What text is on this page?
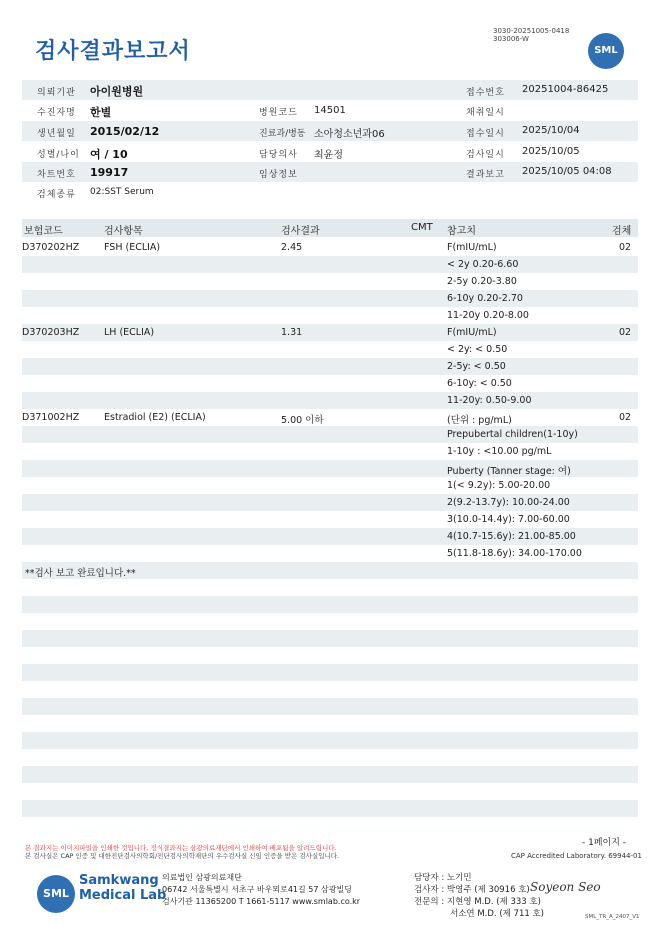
검사결과보고서
3030-20251005-0418
303006-W
SML
의뢰기관 아이원병원	접수번호 20251004-86425
수진자명 한별	병원코드 14501	채취일시
생년월일 2015/02/12	진료과/병동 소아청소년과06	접수일시 2025/10/04
성별/나이 여 / 10	담당의사 최윤정	검사일시 2025/10/05
차트번호 19917	임상정보	결과보고 2025/10/05 04:08
검체종류 02:SST Serum
보험코드	검사항목	검사결과	CMT 참고치	검체
D370202HZ	FSH (ECLIA)	2.45	F(mIU/mL)	02
< 2y 0.20-6.60
2-5y 0.20-3.80
6-10y 0.20-2.70
11-20y 0.20-8.00
D370203HZ	LH (ECLIA)	1.31	F(mIU/mL)	02
< 2y: < 0.50
2-5y: < 0.50
6-10y: < 0.50
11-20y: 0.50-9.00
D371002HZ	Estradiol (E2) (ECLIA)	5.00 이하	(단위 : pg/mL)	02
Prepubertal children(1-10y)
1-10y : <10.00 pg/mL
Puberty (Tanner stage: 여)
1(< 9.2y): 5.00-20.00
2(9.2-13.7y): 10.00-24.00
3(10.0-14.4y): 7.00-60.00
4(10.7-15.6y): 21.00-85.00
5(11.8-18.6y): 34.00-170.00
**검사 보고 완료입니다.**
본 결과지는 이미지파일을 인쇄한 것입니다. 정식결과지는 삼광의료재단에서 인쇄하여 배포됨을 알려드립니다.
본 검사실은 CAP 인증 및 대한진단검사의학회/진단검사의학재단의 우수검사실 신임 인증을 받은 검사실입니다.
- 1페이지 -
CAP Accredited Laboratory. 69944-01
SML
Samkwang
Medical Lab
의료법인 삼광의료재단
06742 서울특별시 서초구 바우뫼로41길 57 삼광빌딩
검사기관 11365200 T 1661-5117 www.smlab.co.kr
담당자 : 노기민
검사자 : 박영주 (제 30916 호)
전문의 : 지현영 M.D. (제 333 호)
서소연 M.D. (제 711 호)
Soyeon Seo
SML_TR_A_2407_V1
